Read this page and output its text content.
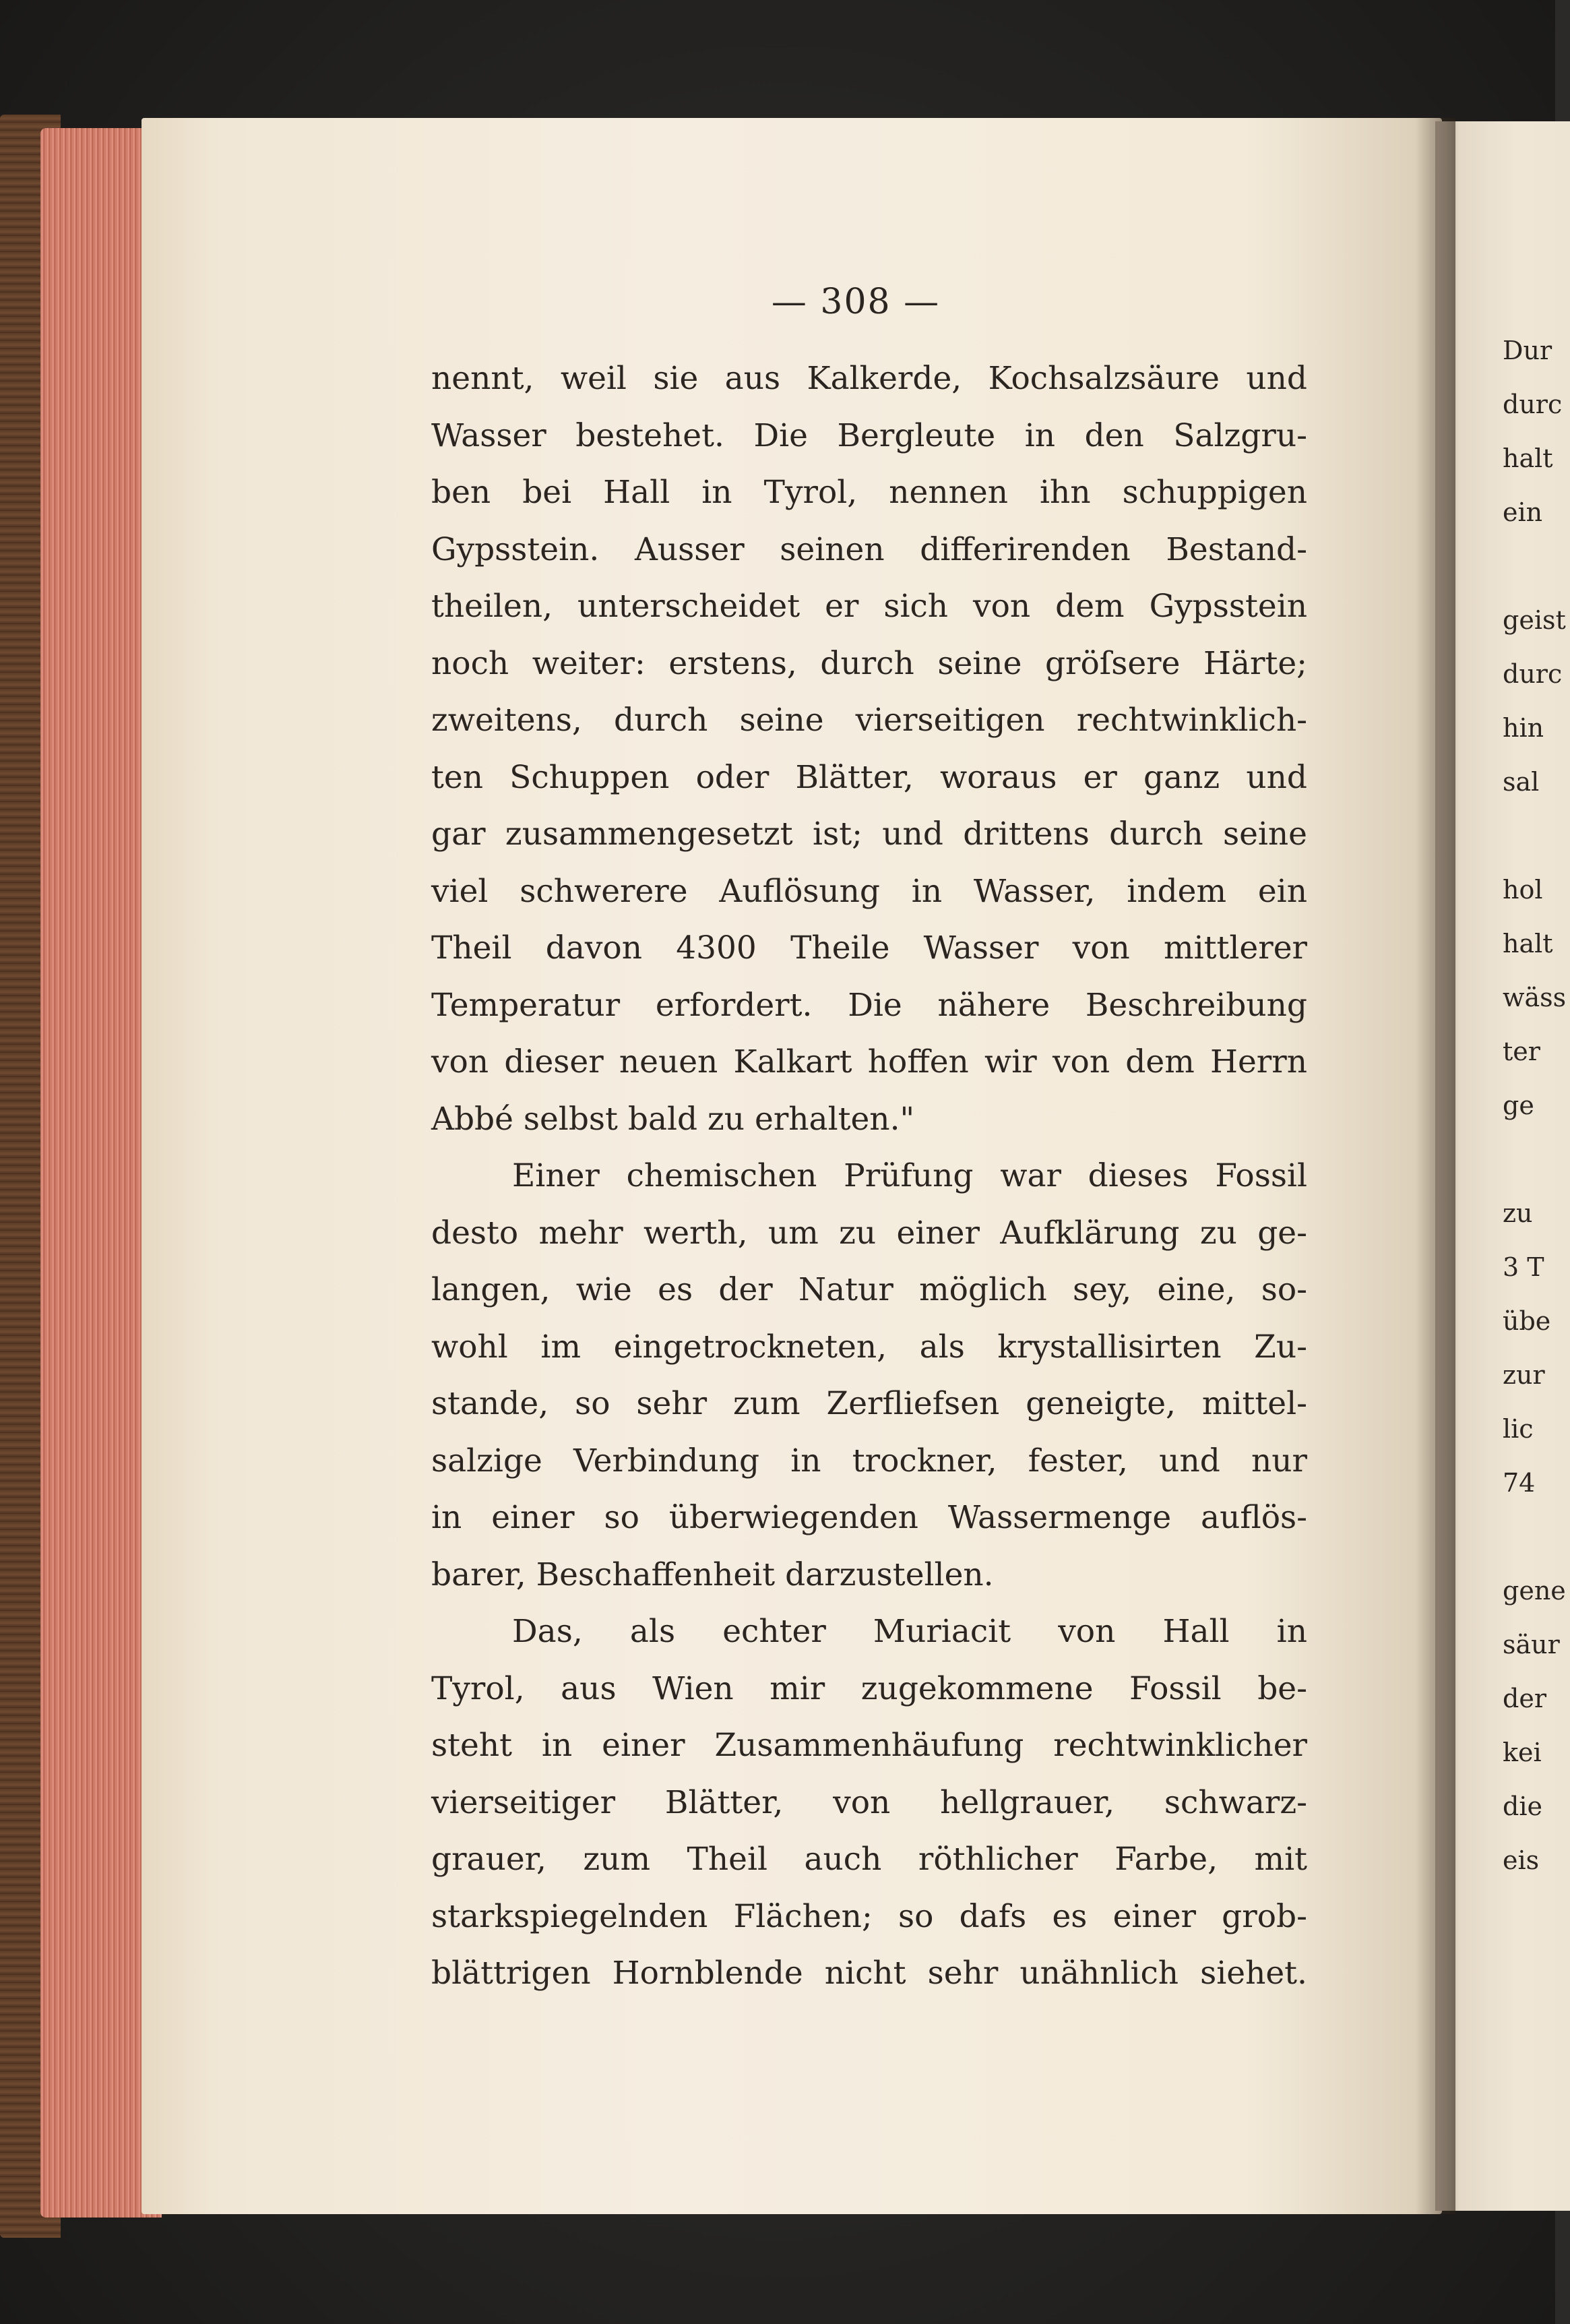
— 308 —
nennt, weil sie aus Kalkerde, Kochsalzsäure und
Wasser bestehet. Die Bergleute in den Salzgru-
ben bei Hall in Tyrol, nennen ihn schuppigen
Gypsstein. Ausser seinen differirenden Bestand-
theilen, unterscheidet er sich von dem Gypsstein
noch weiter: erstens, durch seine gröſsere Härte;
zweitens, durch seine vierseitigen rechtwinklich-
ten Schuppen oder Blätter, woraus er ganz und
gar zusammengesetzt ist; und drittens durch seine
viel schwerere Auflösung in Wasser, indem ein
Theil davon 4300 Theile Wasser von mittlerer
Temperatur erfordert. Die nähere Beschreibung
von dieser neuen Kalkart hoffen wir von dem Herrn
Abbé selbst bald zu erhalten."
Einer chemischen Prüfung war dieses Fossil
desto mehr werth, um zu einer Aufklärung zu ge-
langen, wie es der Natur möglich sey, eine, so-
wohl im eingetrockneten, als krystallisirten Zu-
stande, so sehr zum Zerfliefsen geneigte, mittel-
salzige Verbindung in trockner, fester, und nur
in einer so überwiegenden Wassermenge auflös-
barer, Beschaffenheit darzustellen.
Das, als echter Muriacit von Hall in
Tyrol, aus Wien mir zugekommene Fossil be-
steht in einer Zusammenhäufung rechtwinklicher
vierseitiger Blätter, von hellgrauer, schwarz-
grauer, zum Theil auch röthlicher Farbe, mit
starkspiegelnden Flächen; so dafs es einer grob-
blättrigen Hornblende nicht sehr unähnlich siehet.
Dur
durc
halt
ein
geist
durc
hin
sal
hol
halt
wäss
ter
ge
zu
3 T
übe
zur
lic
74
gene
säur
der
kei
die
eis
